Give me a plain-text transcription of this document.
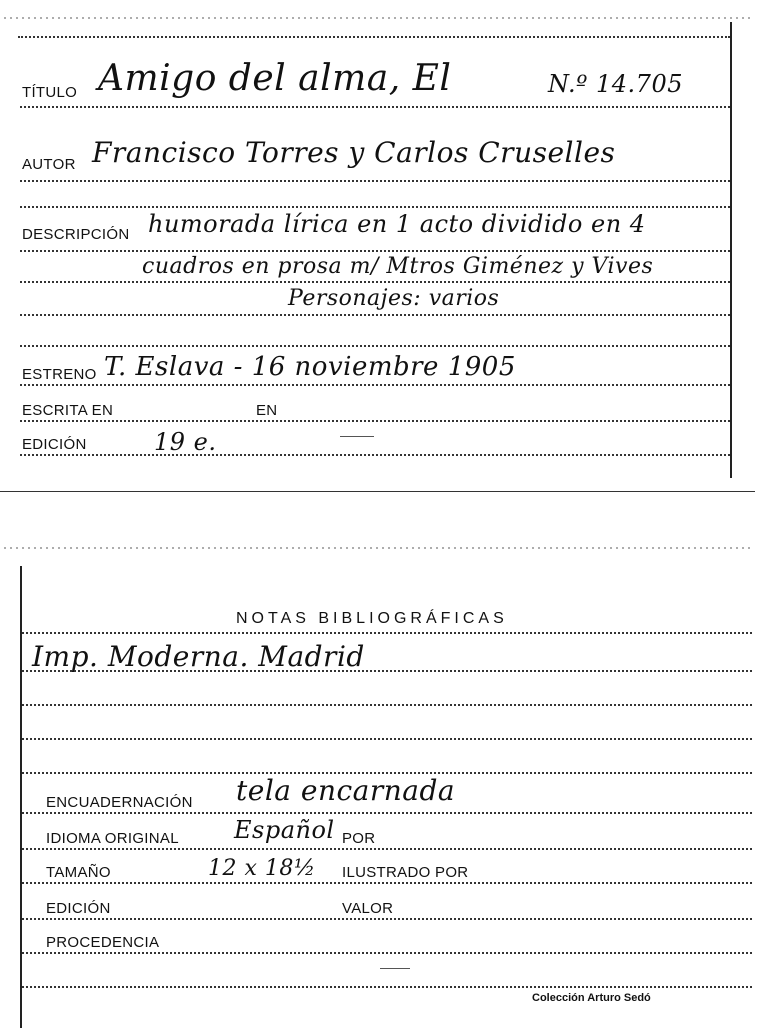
TÍTULO Amigo del alma, El	N.º 14.705
AUTOR Francisco Torres y Carlos Cruselles
DESCRIPCIÓN humorada lírica en 1 acto dividido en 4
cuadros en prosa m/ Mtros Giménez y Vives
Personajes: varios
ESTRENO T. Eslava - 16 noviembre 1905
ESCRITA EN	EN
EDICIÓN	19 e.
NOTAS BIBLIOGRÁFICAS
Imp. Moderna. Madrid
ENCUADERNACIÓN tela encarnada
IDIOMA ORIGINAL Español POR
TAMAÑO	12 x 18½ ILUSTRADO POR
EDICIÓN	VALOR
PROCEDENCIA
Colección Arturo Sedó
